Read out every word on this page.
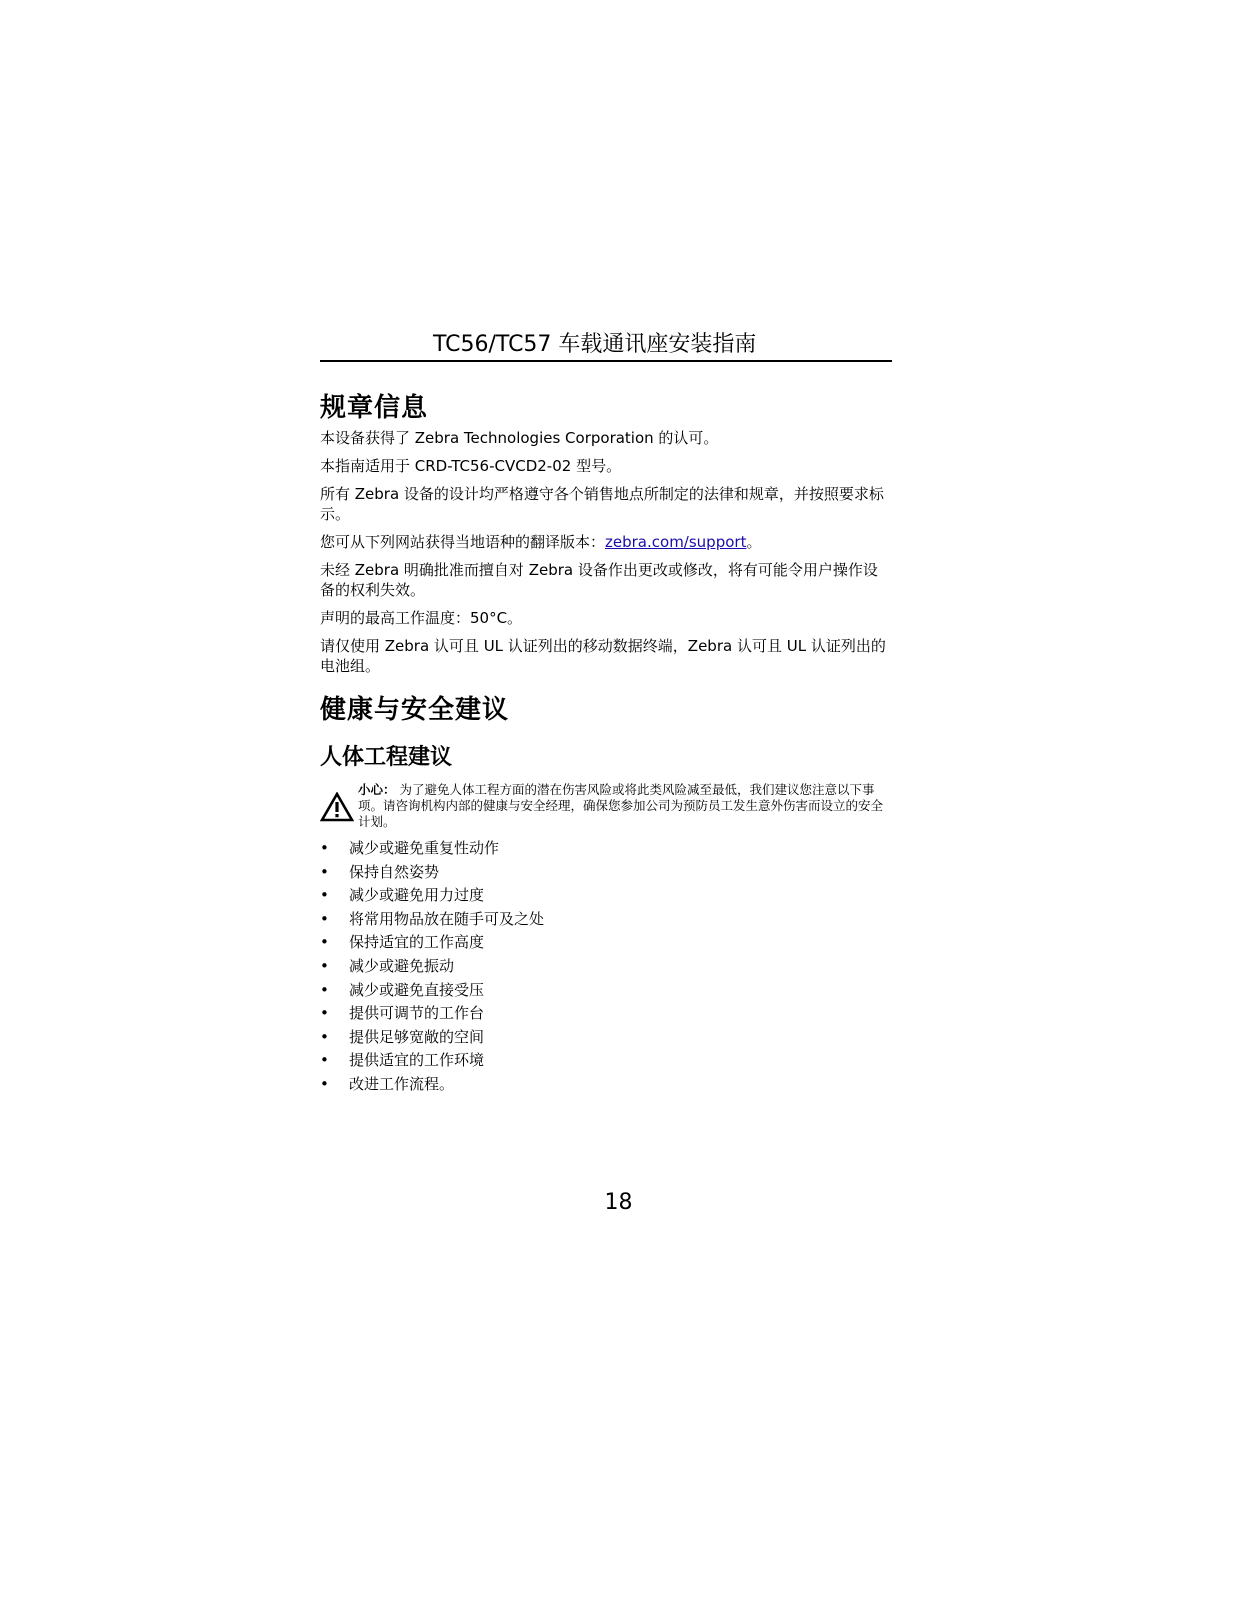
TC56/TC57 车载通讯座安装指南
规章信息

本设备获得了 Zebra Technologies Corporation 的认可。

本指南适用于 CRD-TC56-CVCD2-02 型号。

所有 Zebra 设备的设计均严格遵守各个销售地点所制定的法律和规章，并按照要求标示。

您可从下列网站获得当地语种的翻译版本：zebra.com/support。

未经 Zebra 明确批准而擅自对 Zebra 设备作出更改或修改，将有可能令用户操作设备的权利失效。

声明的最高工作温度：50°C。

请仅使用 Zebra 认可且 UL 认证列出的移动数据终端，Zebra 认可且 UL 认证列出的电池组。

健康与安全建议
人体工程建议
小心： 为了避免人体工程方面的潜在伤害风险或将此类风险减至最低，我们建议您注意以下事项。请咨询机构内部的健康与安全经理，确保您参加公司为预防员工发生意外伤害而设立的安全计划。
• 减少或避免重复性动作
• 保持自然姿势
• 减少或避免用力过度
• 将常用物品放在随手可及之处
• 保持适宜的工作高度
• 减少或避免振动
• 减少或避免直接受压
• 提供可调节的工作台
• 提供足够宽敞的空间
• 提供适宜的工作环境
• 改进工作流程。
18
